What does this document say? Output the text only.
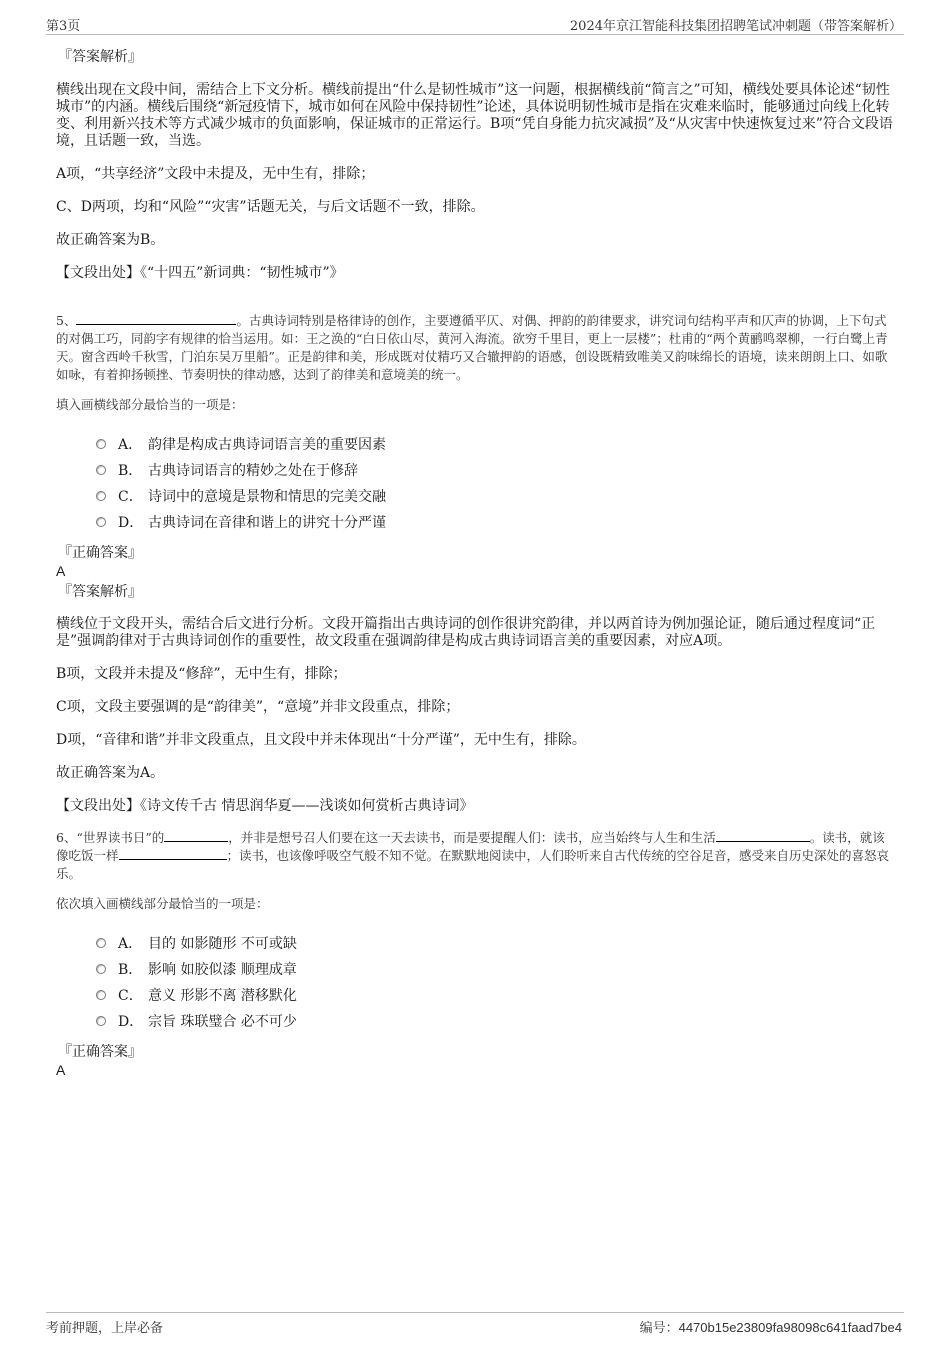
第3页	2024年京江智能科技集团招聘笔试冲刺题（带答案解析）

『答案解析』

横线出现在文段中间，需结合上下文分析。横线前提出“什么是韧性城市”这一问题，根据横线前“简言之”可知，横线处要具体论述“韧性城市”的内涵。横线后围绕“新冠疫情下，城市如何在风险中保持韧性”论述，具体说明韧性城市是指在灾难来临时，能够通过向线上化转变、利用新兴技术等方式减少城市的负面影响，保证城市的正常运行。B项“凭自身能力抗灾减损”及“从灾害中快速恢复过来”符合文段语境，且话题一致，当选。

A项，“共享经济”文段中未提及，无中生有，排除；

C、D两项，均和“风险”“灾害”话题无关，与后文话题不一致，排除。

故正确答案为B。

【文段出处】《“十四五”新词典：“韧性城市”》

5、	。古典诗词特别是格律诗的创作，主要遵循平仄、对偶、押韵的韵律要求，讲究词句结构平声和仄声的协调，上下句式的对偶工巧，同韵字有规律的恰当运用。如：王之涣的“白日依山尽，黄河入海流。欲穷千里目，更上一层楼”；杜甫的“两个黄鹂鸣翠柳，一行白鹭上青天。窗含西岭千秋雪，门泊东吴万里船”。正是韵律和美，形成既对仗精巧又合辙押韵的语感，创设既精致唯美又韵味绵长的语境，读来朗朗上口、如歌如咏，有着抑扬顿挫、节奏明快的律动感，达到了韵律美和意境美的统一。

填入画横线部分最恰当的一项是：

A． 韵律是构成古典诗词语言美的重要因素
B． 古典诗词语言的精妙之处在于修辞
C． 诗词中的意境是景物和情思的完美交融
D． 古典诗词在音律和谐上的讲究十分严谨

『正确答案』

A

『答案解析』

横线位于文段开头，需结合后文进行分析。文段开篇指出古典诗词的创作很讲究韵律，并以两首诗为例加强论证，随后通过程度词“正是”强调韵律对于古典诗词创作的重要性，故文段重在强调韵律是构成古典诗词语言美的重要因素，对应A项。

B项，文段并未提及“修辞”，无中生有，排除；

C项，文段主要强调的是“韵律美”，“意境”并非文段重点，排除；

D项，“音律和谐”并非文段重点，且文段中并未体现出“十分严谨”，无中生有，排除。

故正确答案为A。

【文段出处】《诗文传千古 情思润华夏——浅谈如何赏析古典诗词》

6、“世界读书日”的	，并非是想号召人们要在这一天去读书，而是要提醒人们：读书，应当始终与人生和生活	。读书，就该像吃饭一样	；读书，也该像呼吸空气般不知不觉。在默默地阅读中，人们聆听来自古代传统的空谷足音，感受来自历史深处的喜怒哀乐。

依次填入画横线部分最恰当的一项是：

A． 目的 如影随形 不可或缺
B． 影响 如胶似漆 顺理成章
C． 意义 形影不离 潜移默化
D． 宗旨 珠联璧合 必不可少

『正确答案』

A

考前押题，上岸必备	编号：4470b15e23809fa98098c641faad7be4
